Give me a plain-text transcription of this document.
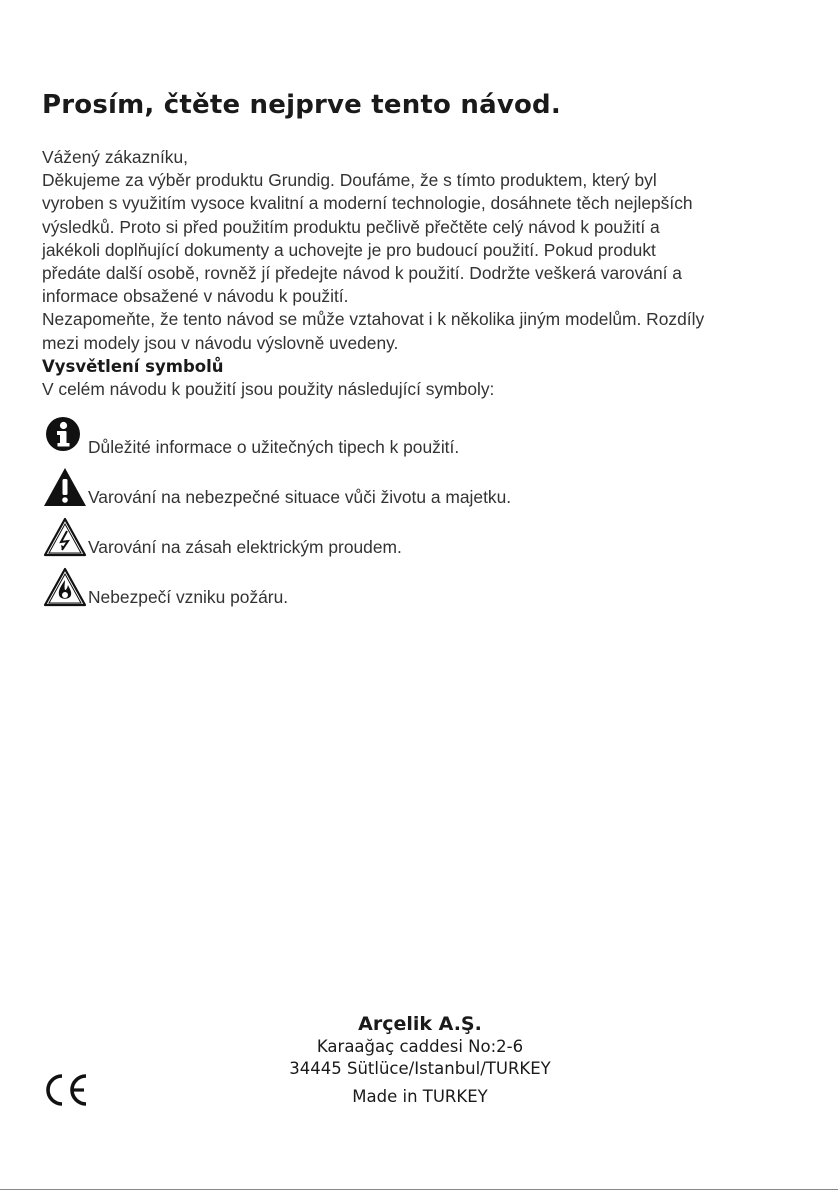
Prosím, čtěte nejprve tento návod.

Vážený zákazníku,

Děkujeme za výběr produktu Grundig. Doufáme, že s tímto produktem, který byl
vyroben s využitím vysoce kvalitní a moderní technologie, dosáhnete těch nejlepších
výsledků. Proto si před použitím produktu pečlivě přečtěte celý návod k použití a
jakékoli doplňující dokumenty a uchovejte je pro budoucí použití. Pokud produkt
předáte další osobě, rovněž jí předejte návod k použití. Dodržte veškerá varování a
informace obsažené v návodu k použití.

Nezapomeňte, že tento návod se může vztahovat i k několika jiným modelům. Rozdíly
mezi modely jsou v návodu výslovně uvedeny.

Vysvětlení symbolů

V celém návodu k použití jsou použity následující symboly:

Důležité informace o užitečných tipech k použití.
Varování na nebezpečné situace vůči životu a majetku.
Varování na zásah elektrickým proudem.
Nebezpečí vzniku požáru.
Arçelik A.Ş.
Karaağaç caddesi No:2-6
34445 Sütlüce/Istanbul/TURKEY
Made in TURKEY
